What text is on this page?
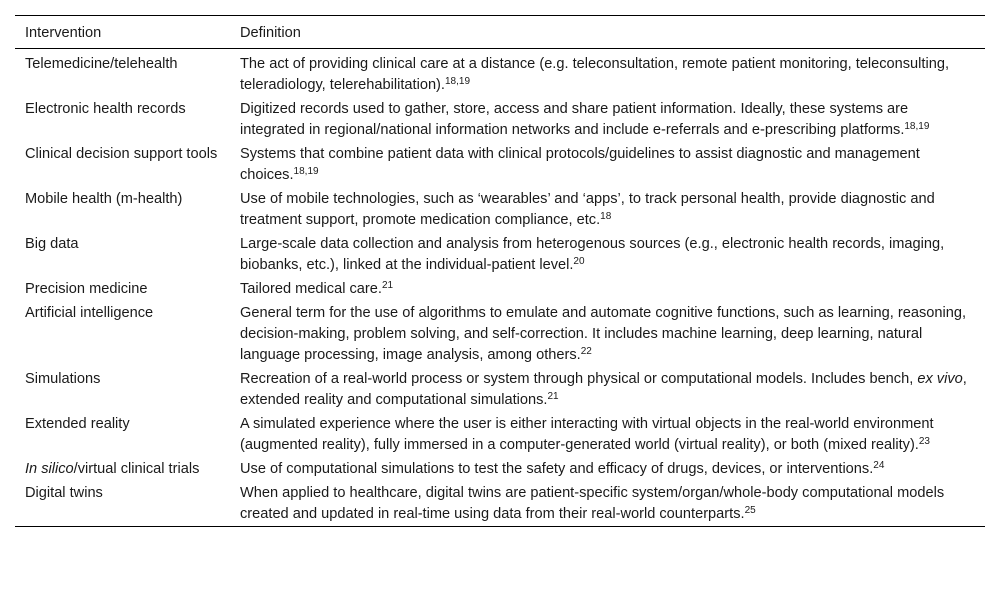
Intervention	Definition
Telemedicine/telehealth	The act of providing clinical care at a distance (e.g. teleconsultation, remote patient monitoring, teleconsulting, teleradiology, telerehabilitation).$^{18,19}$
Electronic health records	Digitized records used to gather, store, access and share patient information. Ideally, these systems are integrated in regional/national information networks and include e-referrals and e-prescribing platforms.$^{18,19}$
Clinical decision support tools	Systems that combine patient data with clinical protocols/guidelines to assist diagnostic and management choices.$^{18,19}$
Mobile health (m-health)	Use of mobile technologies, such as ‘wearables’ and ‘apps’, to track personal health, provide diagnostic and treatment support, promote medication compliance, etc.$^{18}$
Big data	Large-scale data collection and analysis from heterogenous sources (e.g., electronic health records, imaging, biobanks, etc.), linked at the individual-patient level.$^{20}$
Precision medicine	Tailored medical care.$^{21}$
Artificial intelligence	General term for the use of algorithms to emulate and automate cognitive functions, such as learning, reasoning, decision-making, problem solving, and self-correction. It includes machine learning, deep learning, natural language processing, image analysis, among others.$^{22}$
Simulations	Recreation of a real-world process or system through physical or computational models. Includes bench, ex vivo, extended reality and computational simulations.$^{21}$
Extended reality	A simulated experience where the user is either interacting with virtual objects in the real-world environment (augmented reality), fully immersed in a computer-generated world (virtual reality), or both (mixed reality).$^{23}$
In silico/virtual clinical trials	Use of computational simulations to test the safety and efficacy of drugs, devices, or interventions.$^{24}$
Digital twins	When applied to healthcare, digital twins are patient-specific system/organ/whole-body computational models created and updated in real-time using data from their real-world counterparts.$^{25}$
